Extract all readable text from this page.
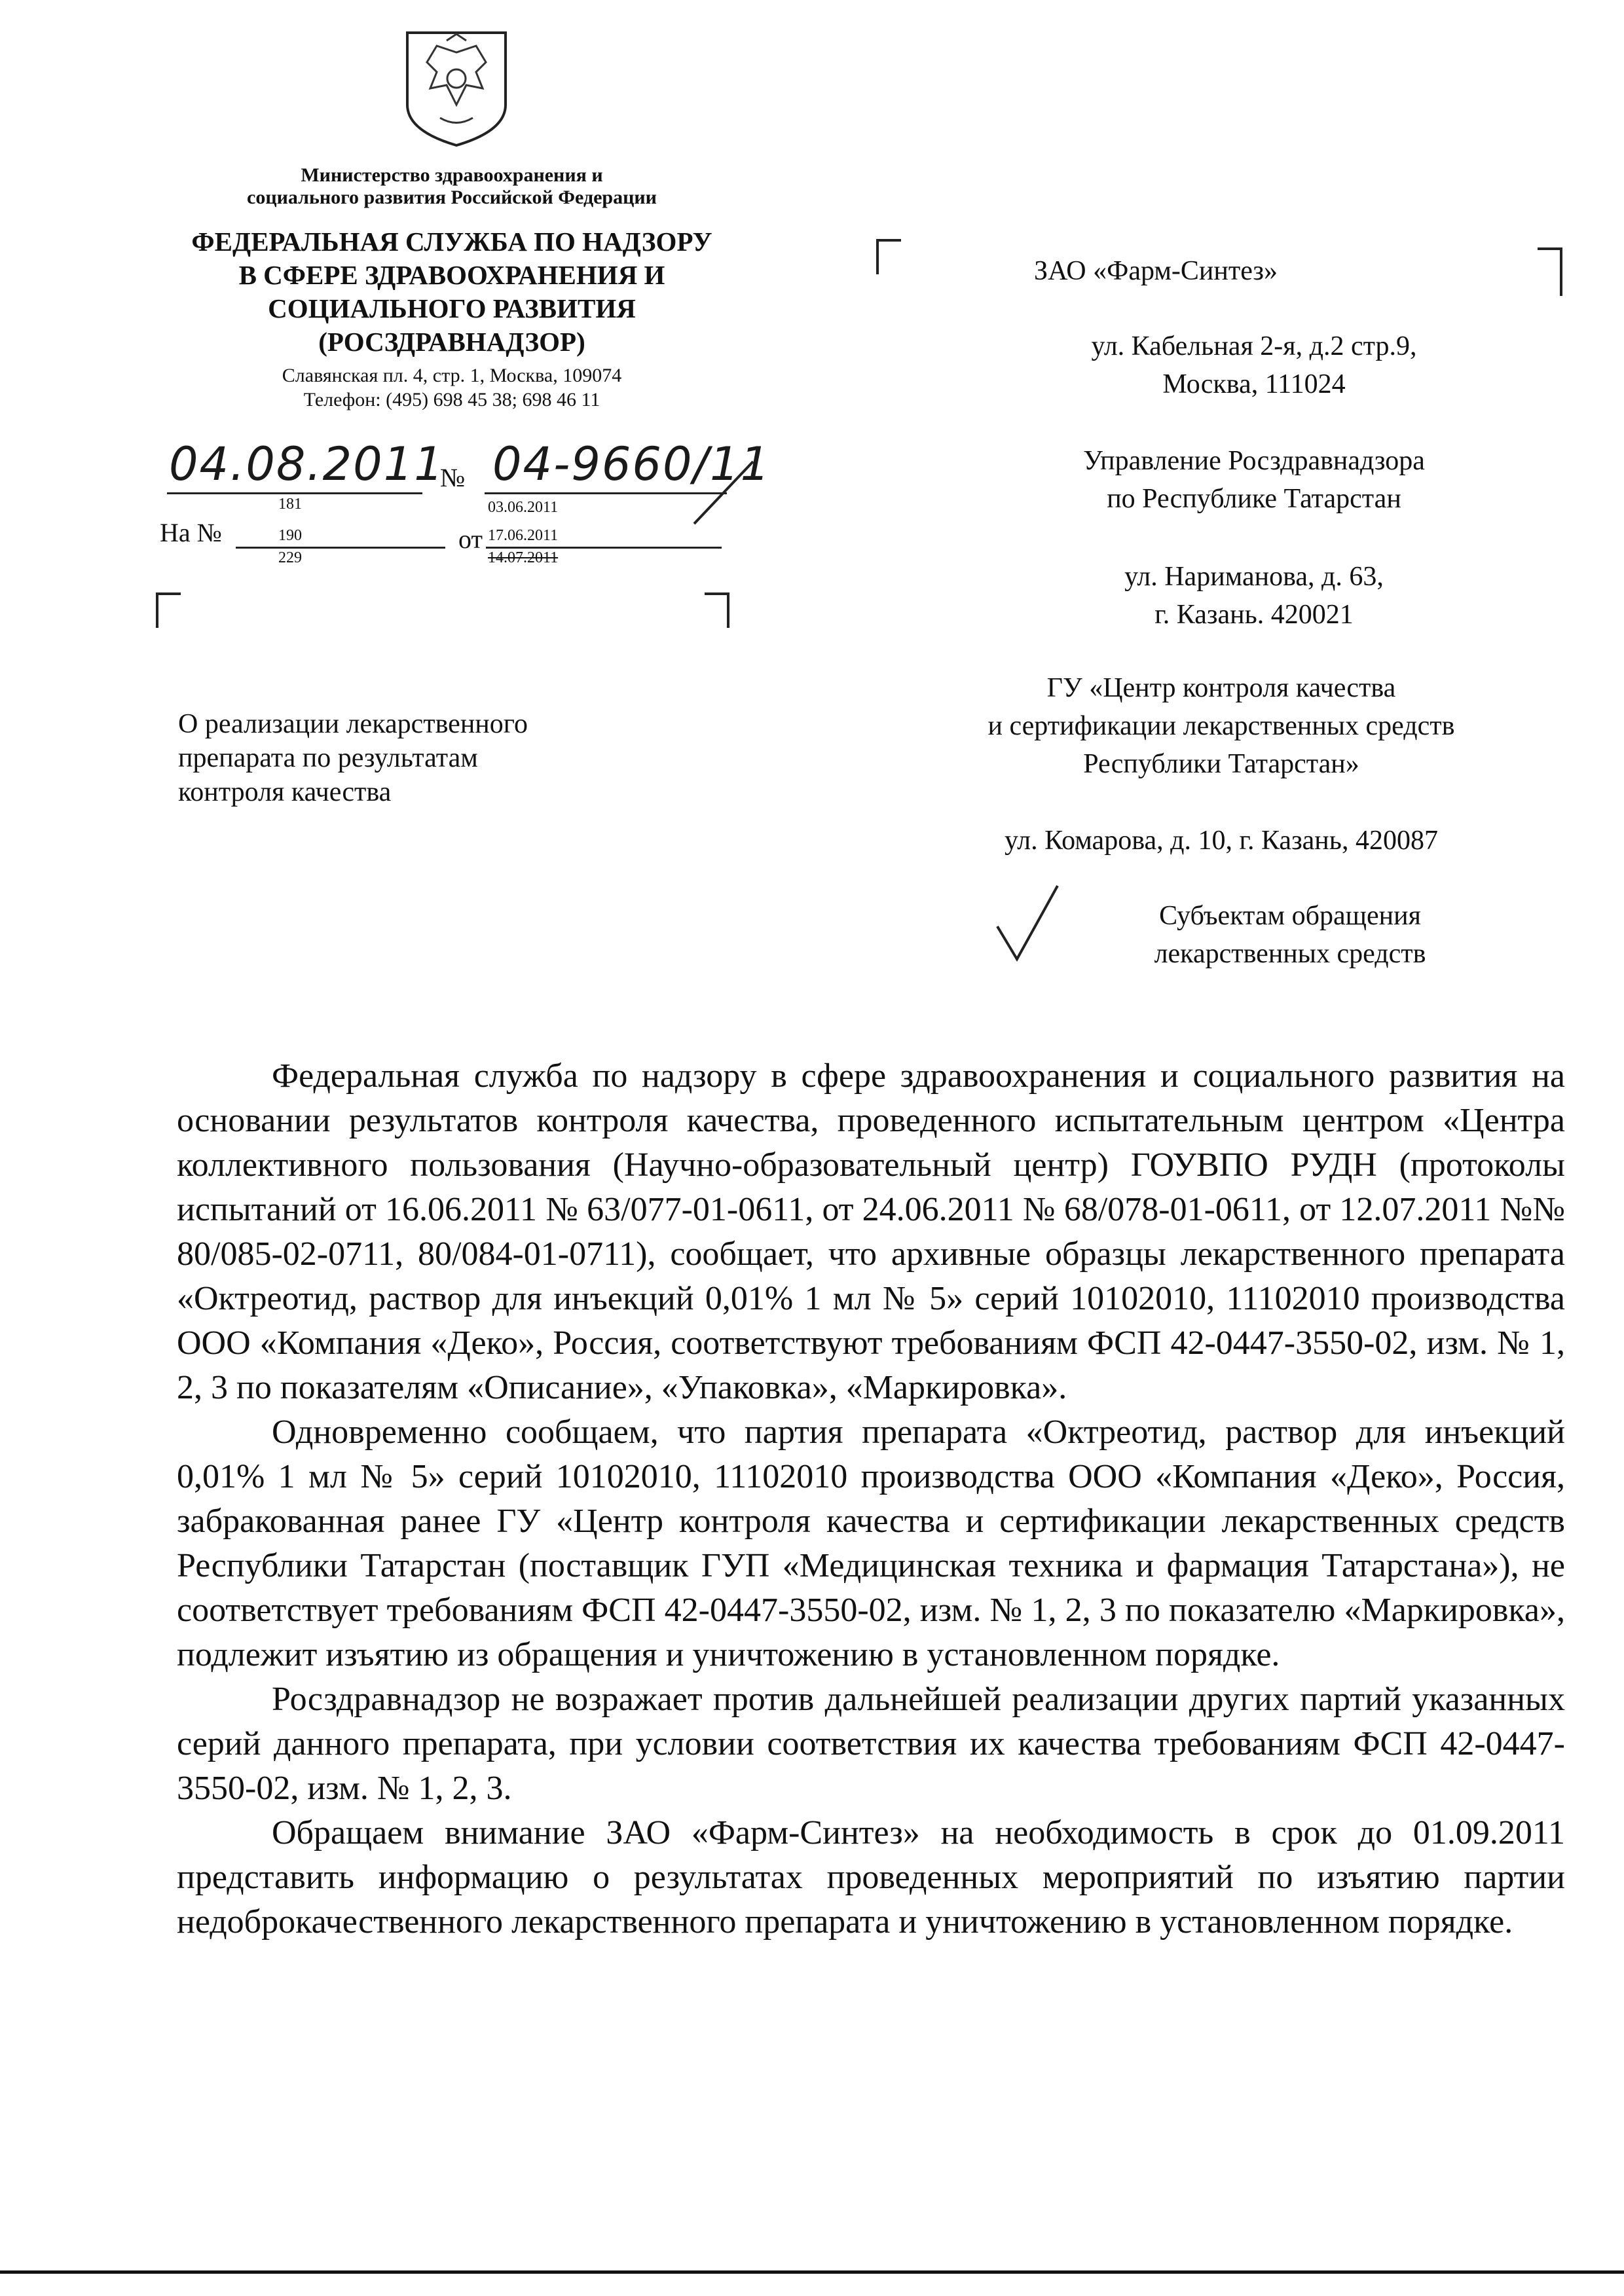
Министерство здравоохранения и
социального развития Российской Федерации
ФЕДЕРАЛЬНАЯ СЛУЖБА ПО НАДЗОРУ
В СФЕРЕ ЗДРАВООХРАНЕНИЯ И
СОЦИАЛЬНОГО РАЗВИТИЯ
(РОСЗДРАВНАДЗОР)
Славянская пл. 4, стр. 1, Москва, 109074
Телефон: (495) 698 45 38; 698 46 11
04.08.2011
№ 04-9660/11
На №
181
190
229
от
03.06.2011
17.06.2011
14.07.2011
О реализации лекарственного
препарата по результатам
контроля качества
ЗАО «Фарм-Синтез»
ул. Кабельная 2-я, д.2 стр.9,
Москва, 111024
Управление Росздравнадзора
по Республике Татарстан
ул. Нариманова, д. 63,
г. Казань. 420021
ГУ «Центр контроля качества
и сертификации лекарственных средств
Республики Татарстан»
ул. Комарова, д. 10, г. Казань, 420087
Субъектам обращения
лекарственных средств

Федеральная служба по надзору в сфере здравоохранения и социального развития на основании результатов контроля качества, проведенного испытательным центром «Центра коллективного пользования (Научно-образовательный центр) ГОУВПО РУДН (протоколы испытаний от 16.06.2011 № 63/077-01-0611, от 24.06.2011 № 68/078-01-0611, от 12.07.2011 №№ 80/085-02-0711, 80/084-01-0711), сообщает, что архивные образцы лекарственного препарата «Октреотид, раствор для инъекций 0,01% 1 мл № 5» серий 10102010, 11102010 производства ООО «Компания «Деко», Россия, соответствуют требованиям ФСП 42-0447-3550-02, изм. № 1, 2, 3 по показателям «Описание», «Упаковка», «Маркировка».

Одновременно сообщаем, что партия препарата «Октреотид, раствор для инъекций 0,01% 1 мл № 5» серий 10102010, 11102010 производства ООО «Компания «Деко», Россия, забракованная ранее ГУ «Центр контроля качества и сертификации лекарственных средств Республики Татарстан (поставщик ГУП «Медицинская техника и фармация Татарстана»), не соответствует требованиям ФСП 42-0447-3550-02, изм. № 1, 2, 3 по показателю «Маркировка», подлежит изъятию из обращения и уничтожению в установленном порядке.

Росздравнадзор не возражает против дальнейшей реализации других партий указанных серий данного препарата, при условии соответствия их качества требованиям ФСП 42-0447-3550-02, изм. № 1, 2, 3.

Обращаем внимание ЗАО «Фарм-Синтез» на необходимость в срок до 01.09.2011 представить информацию о результатах проведенных мероприятий по изъятию партии недоброкачественного лекарственного препарата и уничтожению в установленном порядке.
